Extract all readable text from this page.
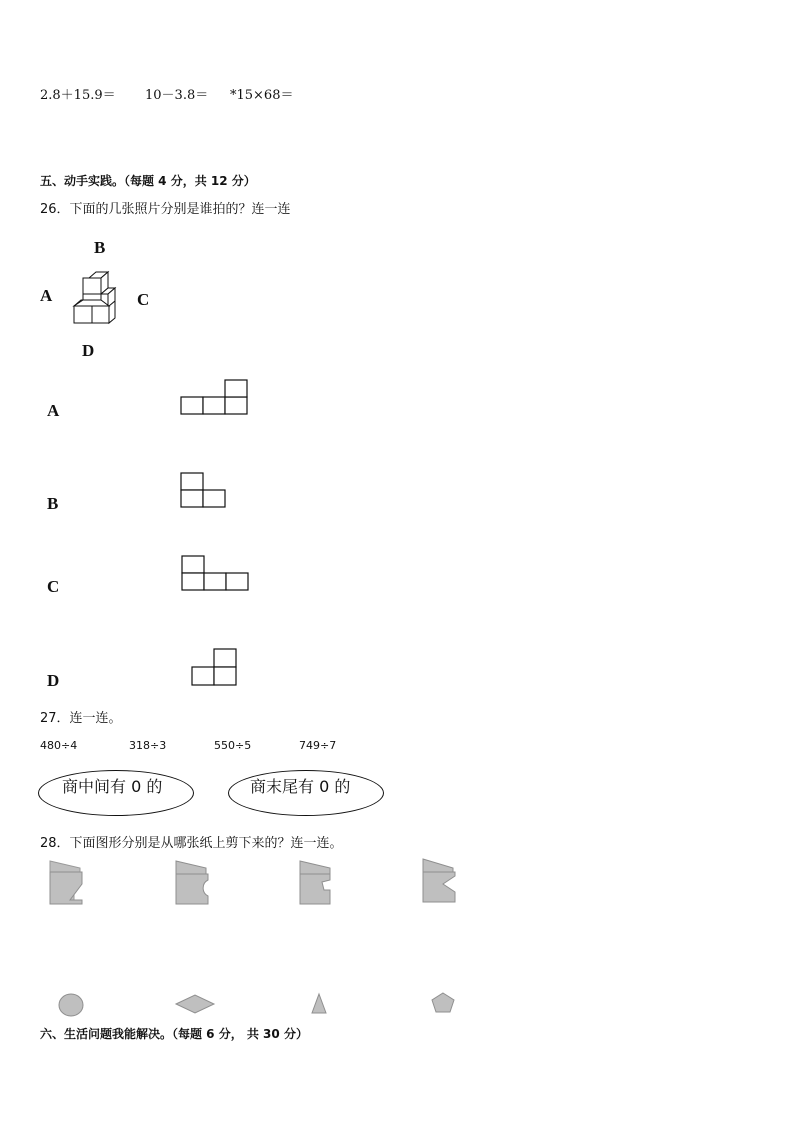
2.8＋15.9＝ 10－3.8＝ *15×68＝
五、动手实践。（每题 4 分，共 12 分）
26．下面的几张照片分别是谁拍的？连一连
B
A	C
D
A
B
C
D
27．连一连。
480÷4	318÷3	550÷5	749÷7
商中间有 0 的	商末尾有 0 的
28．下面图形分别是从哪张纸上剪下来的？连一连。
六、生活问题我能解决。（每题 6 分， 共 30 分）
